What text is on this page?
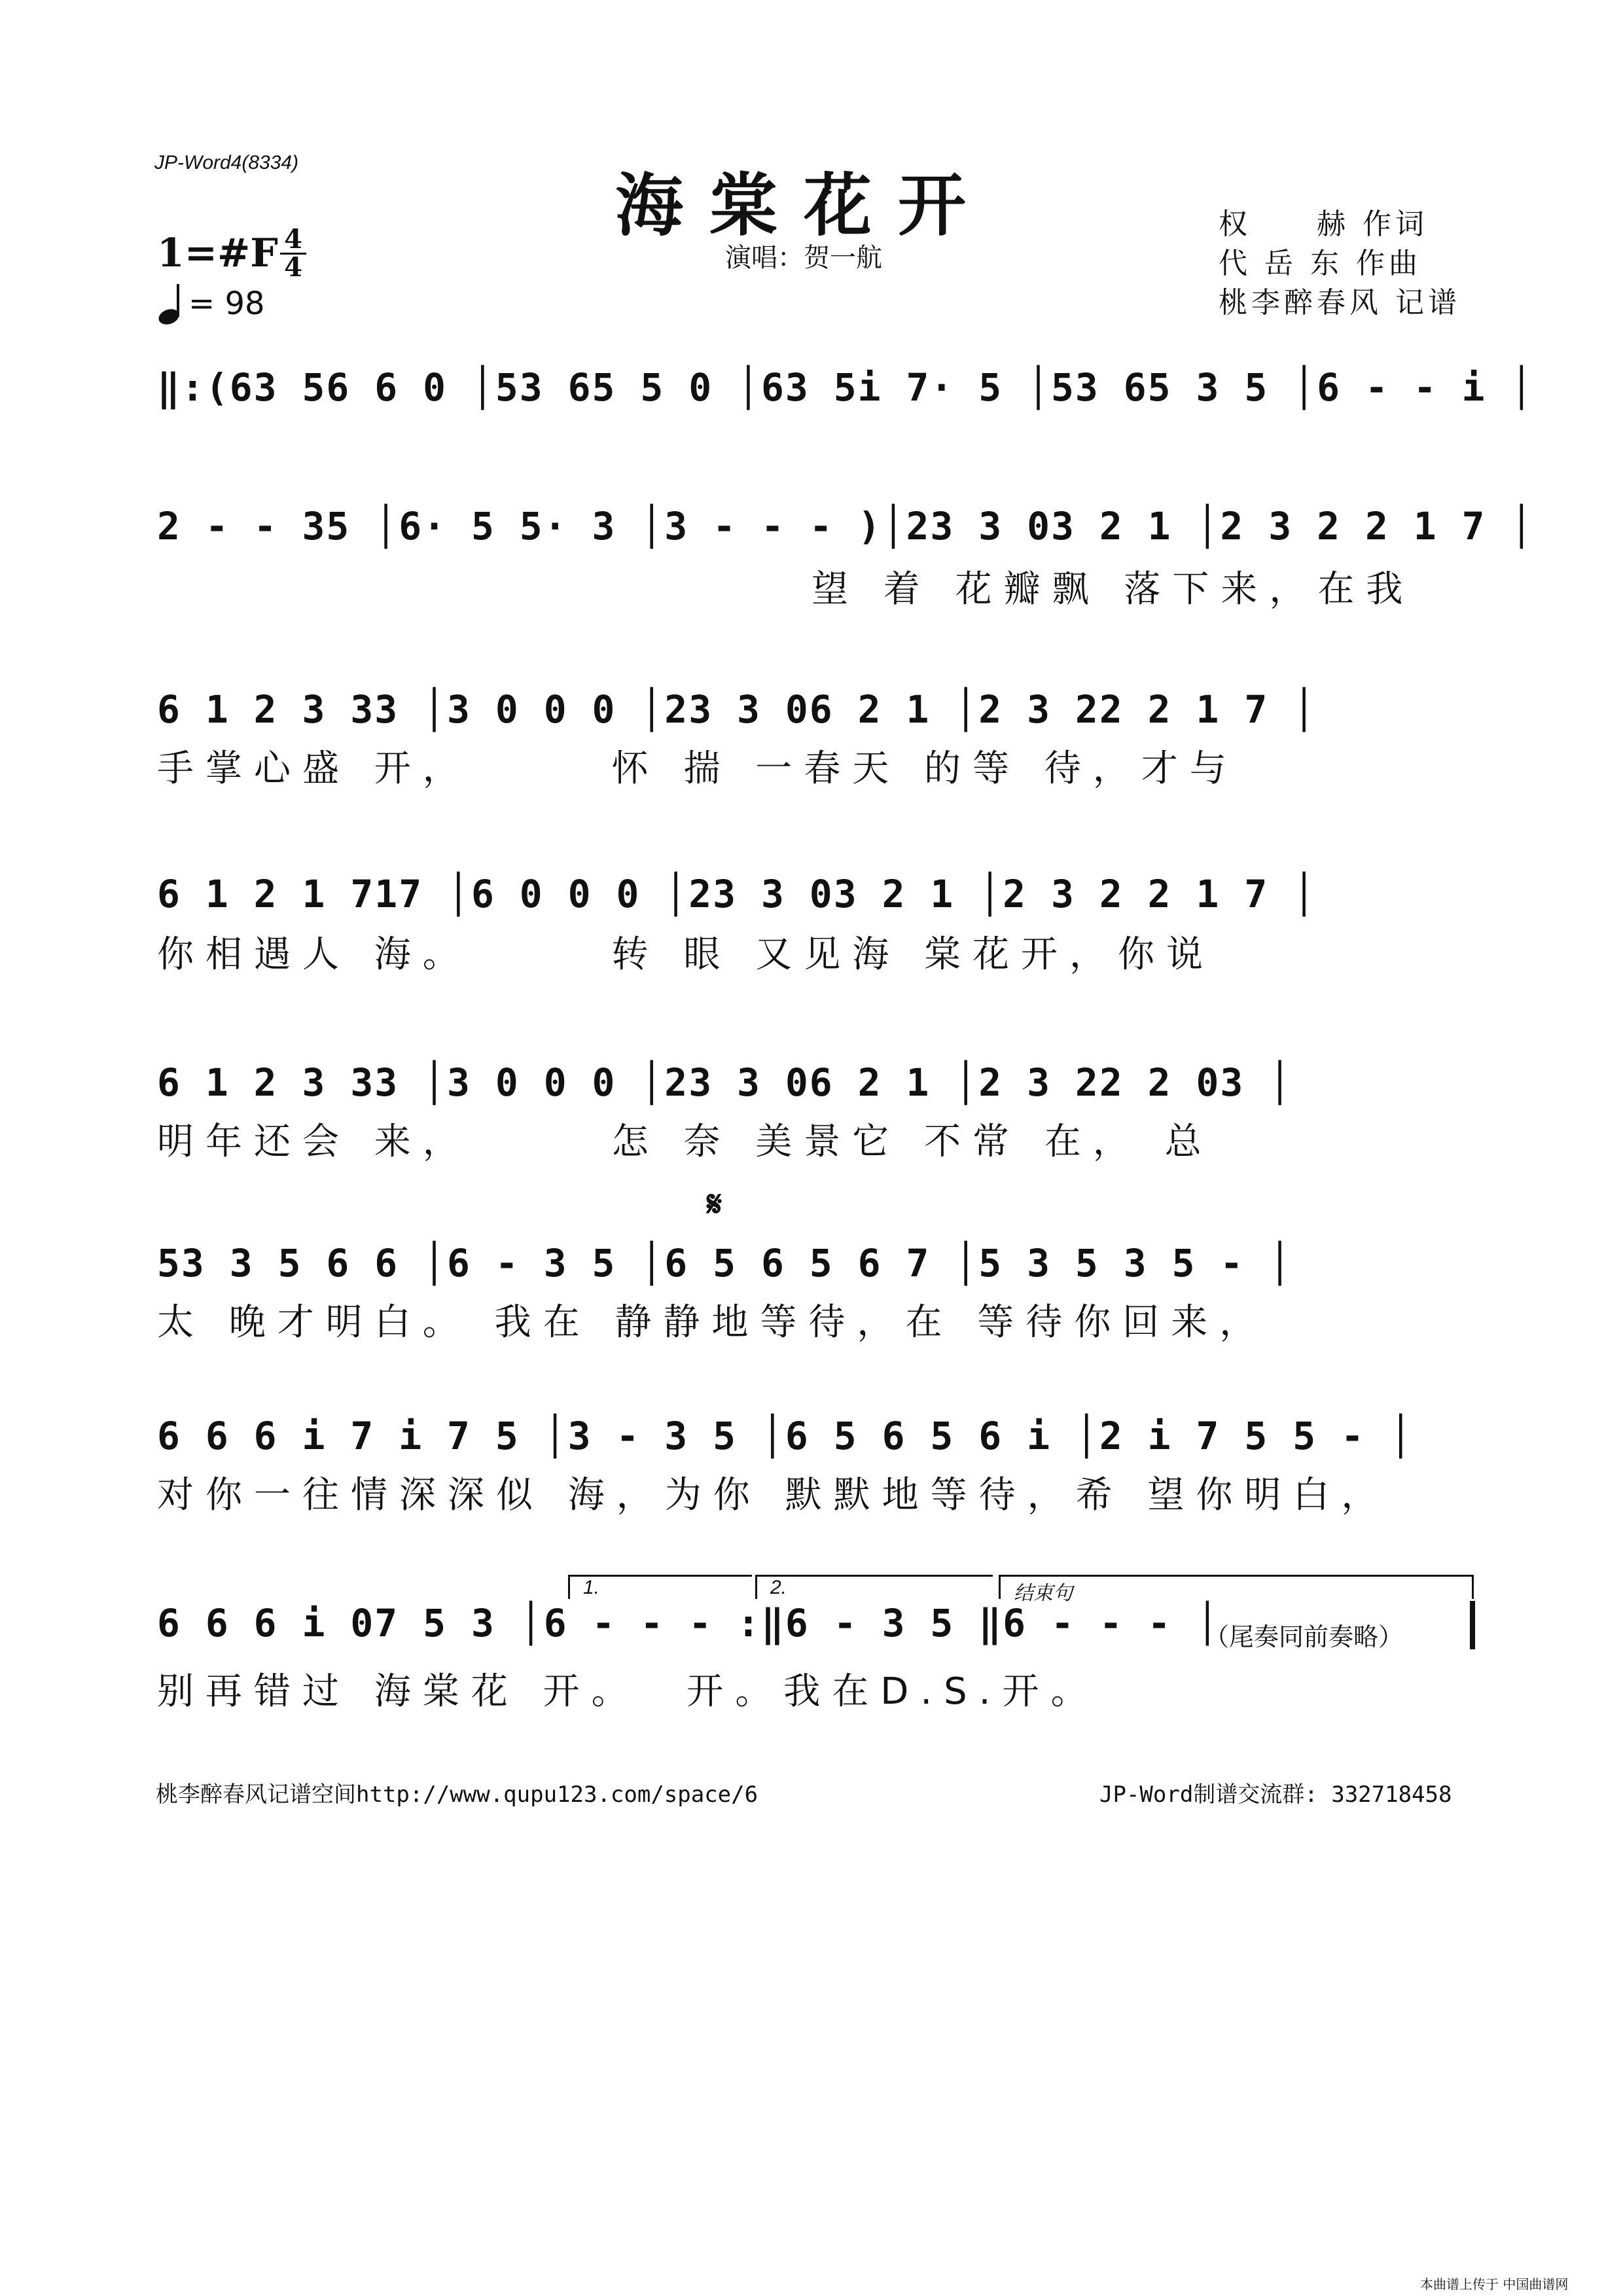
JP-Word4(8334)
海棠花开
演唱：贺一航
权　　赫 作词
代 岳 东 作曲
桃李醉春风 记谱
1=#F 4
4
= 98
‖:(63 56 6 0 │53 65 5 0 │63 5i 7· 5 │53 65 3 5 │6 - - i │
2 - - 35 │6· 5 5· 3 │3 - - - )│23 3 03 2 1 │2 3 2 2 1 7 │
望 着 花瓣飘 落下来，在我
6 1 2 3 33 │3 0 0 0 │23 3 06 2 1 │2 3 22 2 1 7 │
手掌心盛 开，      怀 揣 一春天 的等 待，才与
6 1 2 1 717 │6 0 0 0 │23 3 03 2 1 │2 3 2 2 1 7 │
你相遇人 海。      转 眼 又见海 棠花开，你说
6 1 2 3 33 │3 0 0 0 │23 3 06 2 1 │2 3 22 2 03 │
明年还会 来，      怎 奈 美景它 不常 在， 总
𝄋
53 3 5 6 6 │6 - 3 5 │6 5 6 5 6 7 │5 3 5 3 5 - │
太 晚才明白。 我在 静静地等待，在 等待你回来，
6 6 6 i 7 i 7 5 │3 - 3 5 │6 5 6 5 6 i │2 i 7 5 5 - │
对你一往情深深似 海，为你 默默地等待，希 望你明白，
1.	2.	结束句
6 6 6 i 07 5 3 │6 - - - :‖6 - 3 5 ‖6 - - - │
别再错过 海棠花 开。  开。我在D.S.开。
（尾奏同前奏略）
桃李醉春风记谱空间http://www.qupu123.com/space/6	JP-Word制谱交流群: 332718458
本曲谱上传于 中国曲谱网
